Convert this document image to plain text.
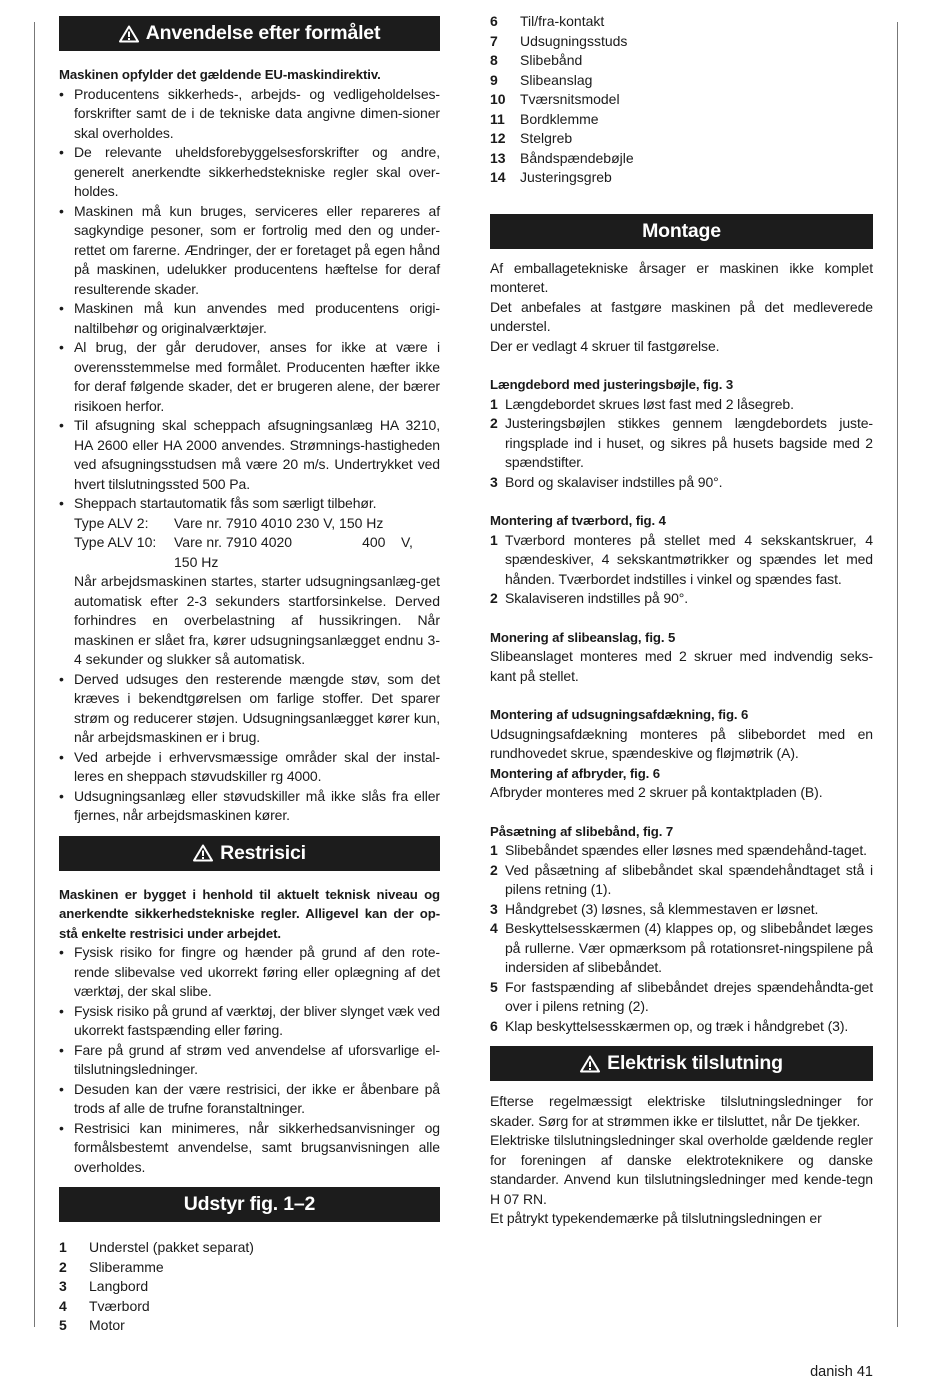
Anvendelse efter formålet

Maskinen opfylder det gældende EU-maskindirektiv.

• Producentens sikkerheds-, arbejds- og vedligeholdelses-forskrifter samt de i de tekniske data angivne dimen-sioner skal overholdes.
• De relevante uheldsforebyggelsesforskrifter og andre, generelt anerkendte sikkerhedstekniske regler skal over-holdes.
• Maskinen må kun bruges, serviceres eller repareres af sagkyndige pesoner, som er fortrolig med den og under-rettet om farerne. Ændringer, der er foretaget på egen hånd på maskinen, udelukker producentens hæftelse for deraf resulterende skader.
• Maskinen må kun anvendes med producentens origi-naltilbehør og originalværktøjer.
• Al brug, der går derudover, anses for ikke at være i overensstemmelse med formålet. Producenten hæfter ikke for deraf følgende skader, det er brugeren alene, der bærer risikoen herfor.
• Til afsugning skal scheppach afsugningsanlæg HA 3210, HA 2600 eller HA 2000 anvendes. Strømnings-hastigheden ved afsugningsstudsen må være 20 m/s. Undertrykket ved hvert tilslutningssted 500 Pa.
• Sheppach startautomatik fås som særligt tilbehør.
Type ALV 2:	Vare nr. 7910 4010 230 V, 150 Hz
Type ALV 10:	Vare nr. 7910 4020                  400    V, 150 Hz
Når arbejdsmaskinen startes, starter udsugningsanlæg-get automatisk efter 2-3 sekunders startforsinkelse. Derved forhindres en overbelastning af hussikringen. Når maskinen er slået fra, kører udsugningsanlægget endnu 3-4 sekunder og slukker så automatisk.
• Derved udsuges den resterende mængde støv, som det kræves i bekendtgørelsen om farlige stoffer. Det sparer strøm og reducerer støjen. Udsugningsanlægget kører kun, når arbejdsmaskinen er i brug.
• Ved arbejde i erhvervsmæssige områder skal der instal-leres en sheppach støvudskiller rg 4000.
• Udsugningsanlæg eller støvudskiller må ikke slås fra eller fjernes, når arbejdsmaskinen kører.
Restrisici

Maskinen er bygget i henhold til aktuelt teknisk niveau og anerkendte sikkerhedstekniske regler. Alligevel kan der op-stå enkelte restrisici under arbejdet.

• Fysisk risiko for fingre og hænder på grund af den rote-rende slibevalse ved ukorrekt føring eller oplægning af det værktøj, der skal slibe.
• Fysisk risiko på grund af værktøj, der bliver slynget væk ved ukorrekt fastspænding eller føring.
• Fare på grund af strøm ved anvendelse af uforsvarlige el-tilslutningsledninger.
• Desuden kan der være restrisici, der ikke er åbenbare på trods af alle de trufne foranstaltninger.
• Restrisici kan minimeres, når sikkerhedsanvisninger og formålsbestemt anvendelse, samt brugsanvisningen alle overholdes.
Udstyr fig. 1–2
1	Understel (pakket separat)
2	Sliberamme
3	Langbord
4	Tværbord
5	Motor
6	Til/fra-kontakt
7	Udsugningsstuds
8	Slibebånd
9	Slibeanslag
10	Tværsnitsmodel
11	Bordklemme
12	Stelgreb
13	Båndspændebøjle
14	Justeringsgreb
Montage

Af emballagetekniske årsager er maskinen ikke komplet monteret.

Det anbefales at fastgøre maskinen på det medleverede understel.

Der er vedlagt 4 skruer til fastgørelse.

Længdebord med justeringsbøjle, fig. 3

1 Længdebordet skrues løst fast med 2 låsegreb.
2 Justeringsbøjlen stikkes gennem længdebordets juste-ringsplade ind i huset, og sikres på husets bagside med 2 spændstifter.
3 Bord og skalaviser indstilles på 90°.

Montering af tværbord, fig. 4

1 Tværbord monteres på stellet med 4 sekskantskruer, 4 spændeskiver, 4 sekskantmøtrikker og spændes let med hånden. Tværbordet indstilles i vinkel og spændes fast.
2 Skalaviseren indstilles på 90°.

Monering af slibeanslag, fig. 5

Slibeanslaget monteres med 2 skruer med indvendig seks-kant på stellet.

Montering af udsugningsafdækning, fig. 6

Udsugningsafdækning monteres på slibebordet med en rundhovedet skrue, spændeskive og fløjmøtrik (A).

Montering af afbryder, fig. 6

Afbryder monteres med 2 skruer på kontaktpladen (B).

Påsætning af slibebånd, fig. 7

1 Slibebåndet spændes eller løsnes med spændehånd-taget.
2 Ved påsætning af slibebåndet skal spændehåndtaget stå i pilens retning (1).
3 Håndgrebet (3) løsnes, så klemmestaven er løsnet.
4 Beskyttelsesskærmen (4) klappes op, og slibebåndet læges på rullerne. Vær opmærksom på rotationsret-ningspilene på indersiden af slibebåndet.
5 For fastspænding af slibebåndet drejes spændehåndta-get over i pilens retning (2).
6 Klap beskyttelsesskærmen op, og træk i håndgrebet (3).
Elektrisk tilslutning

Efterse regelmæssigt elektriske tilslutningsledninger for skader. Sørg for at strømmen ikke er tilsluttet, når De tjekker.

Elektriske tilslutningsledninger skal overholde gældende regler for foreningen af danske elektroteknikere og danske standarder. Anvend kun tilslutningsledninger med kende-tegn H 07 RN.

Et påtrykt typekendemærke på tilslutningsledningen er

danish 41
